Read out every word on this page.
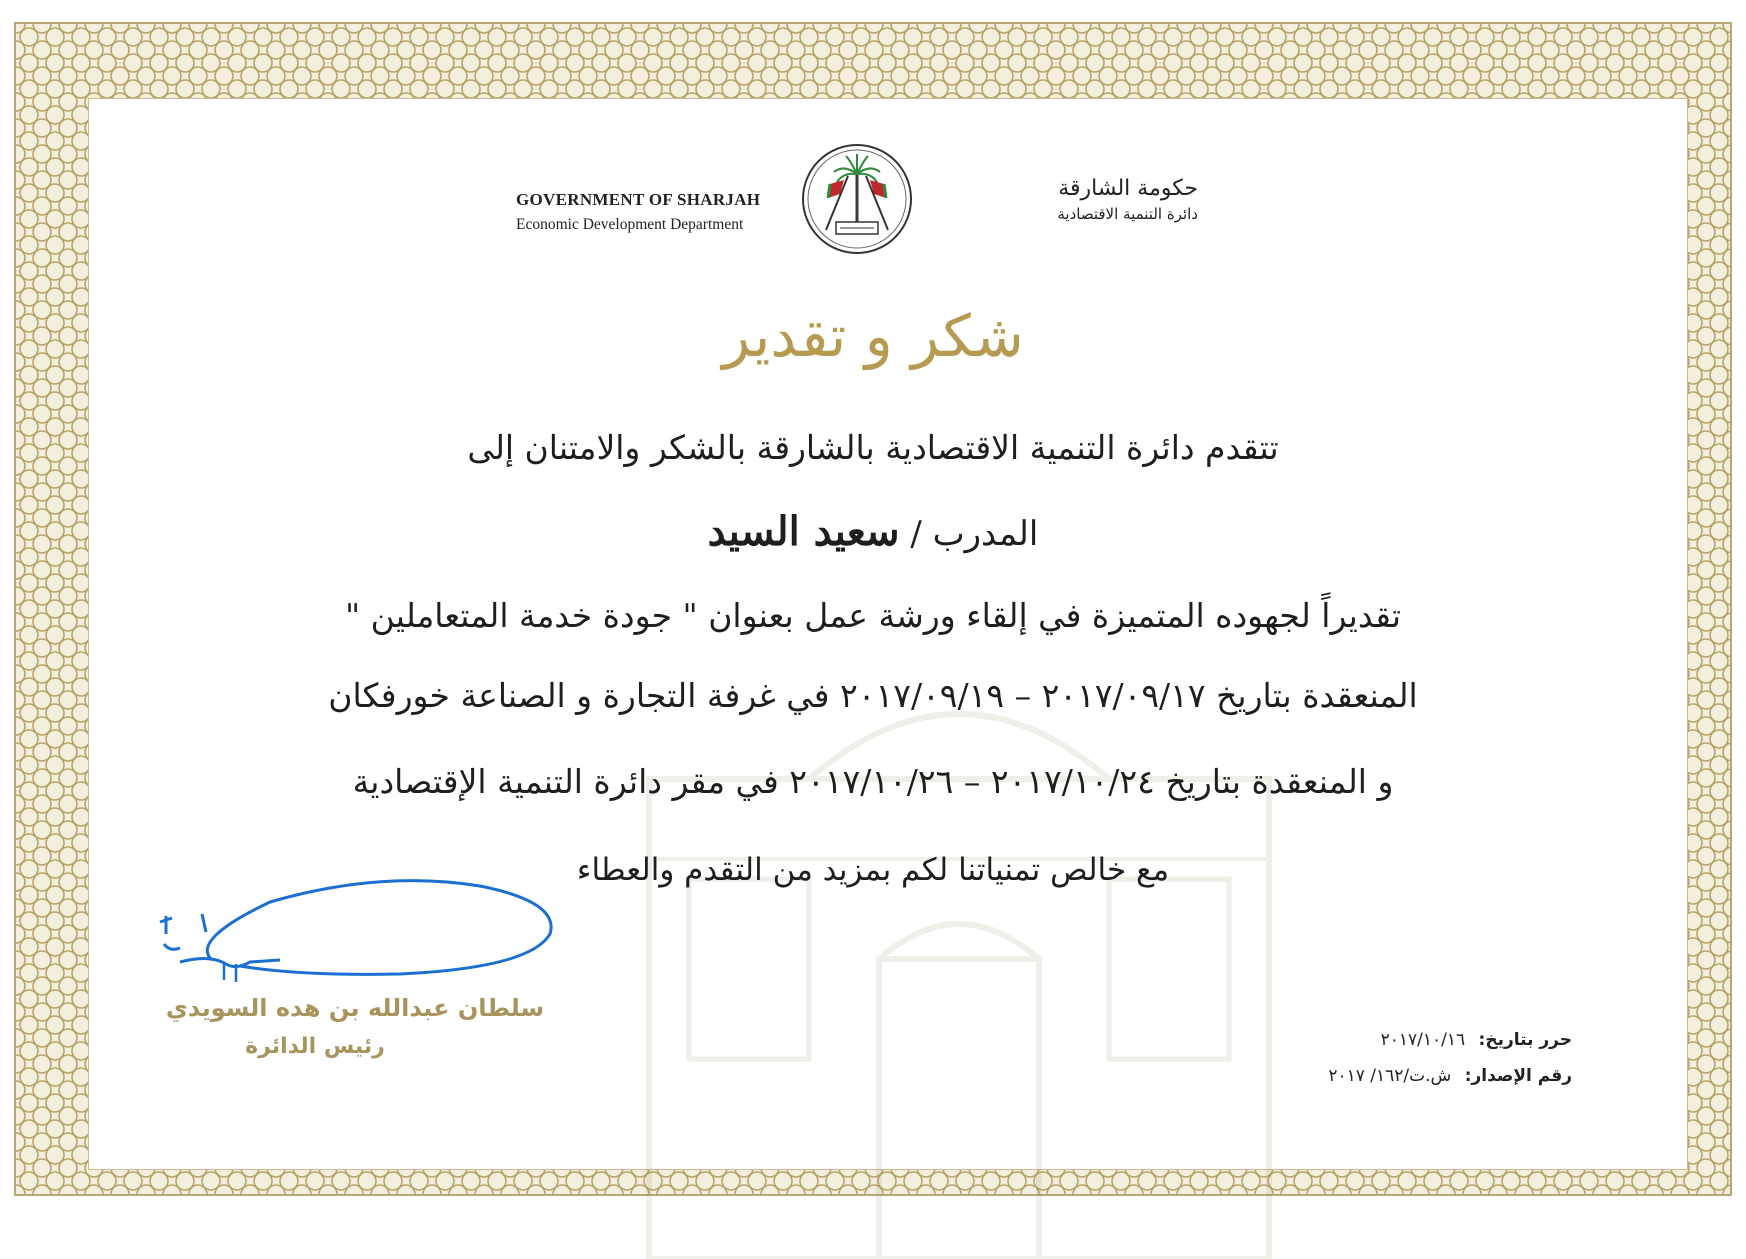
GOVERNMENT OF SHARJAH
Economic Development Department
حكومة الشارقة
دائرة التنمية الاقتصادية
شكر و تقدير
تتقدم دائرة التنمية الاقتصادية بالشارقة بالشكر والامتنان إلى
المدرب / سعيد السيد
تقديراً لجهوده المتميزة في إلقاء ورشة عمل بعنوان " جودة خدمة المتعاملين "
المنعقدة بتاريخ ٢٠١٧/٠٩/١٧ – ٢٠١٧/٠٩/١٩ في غرفة التجارة و الصناعة خورفكان
و المنعقدة بتاريخ ٢٠١٧/١٠/٢٤ – ٢٠١٧/١٠/٢٦ في مقر دائرة التنمية الإقتصادية
مع خالص تمنياتنا لكم بمزيد من التقدم والعطاء
سلطان عبدالله بن هده السويدي
رئيس الدائرة	حرر بتاريخ: ٢٠١٧/١٠/١٦
رقم الإصدار: ش.ت/١٦٢/ ٢٠١٧
